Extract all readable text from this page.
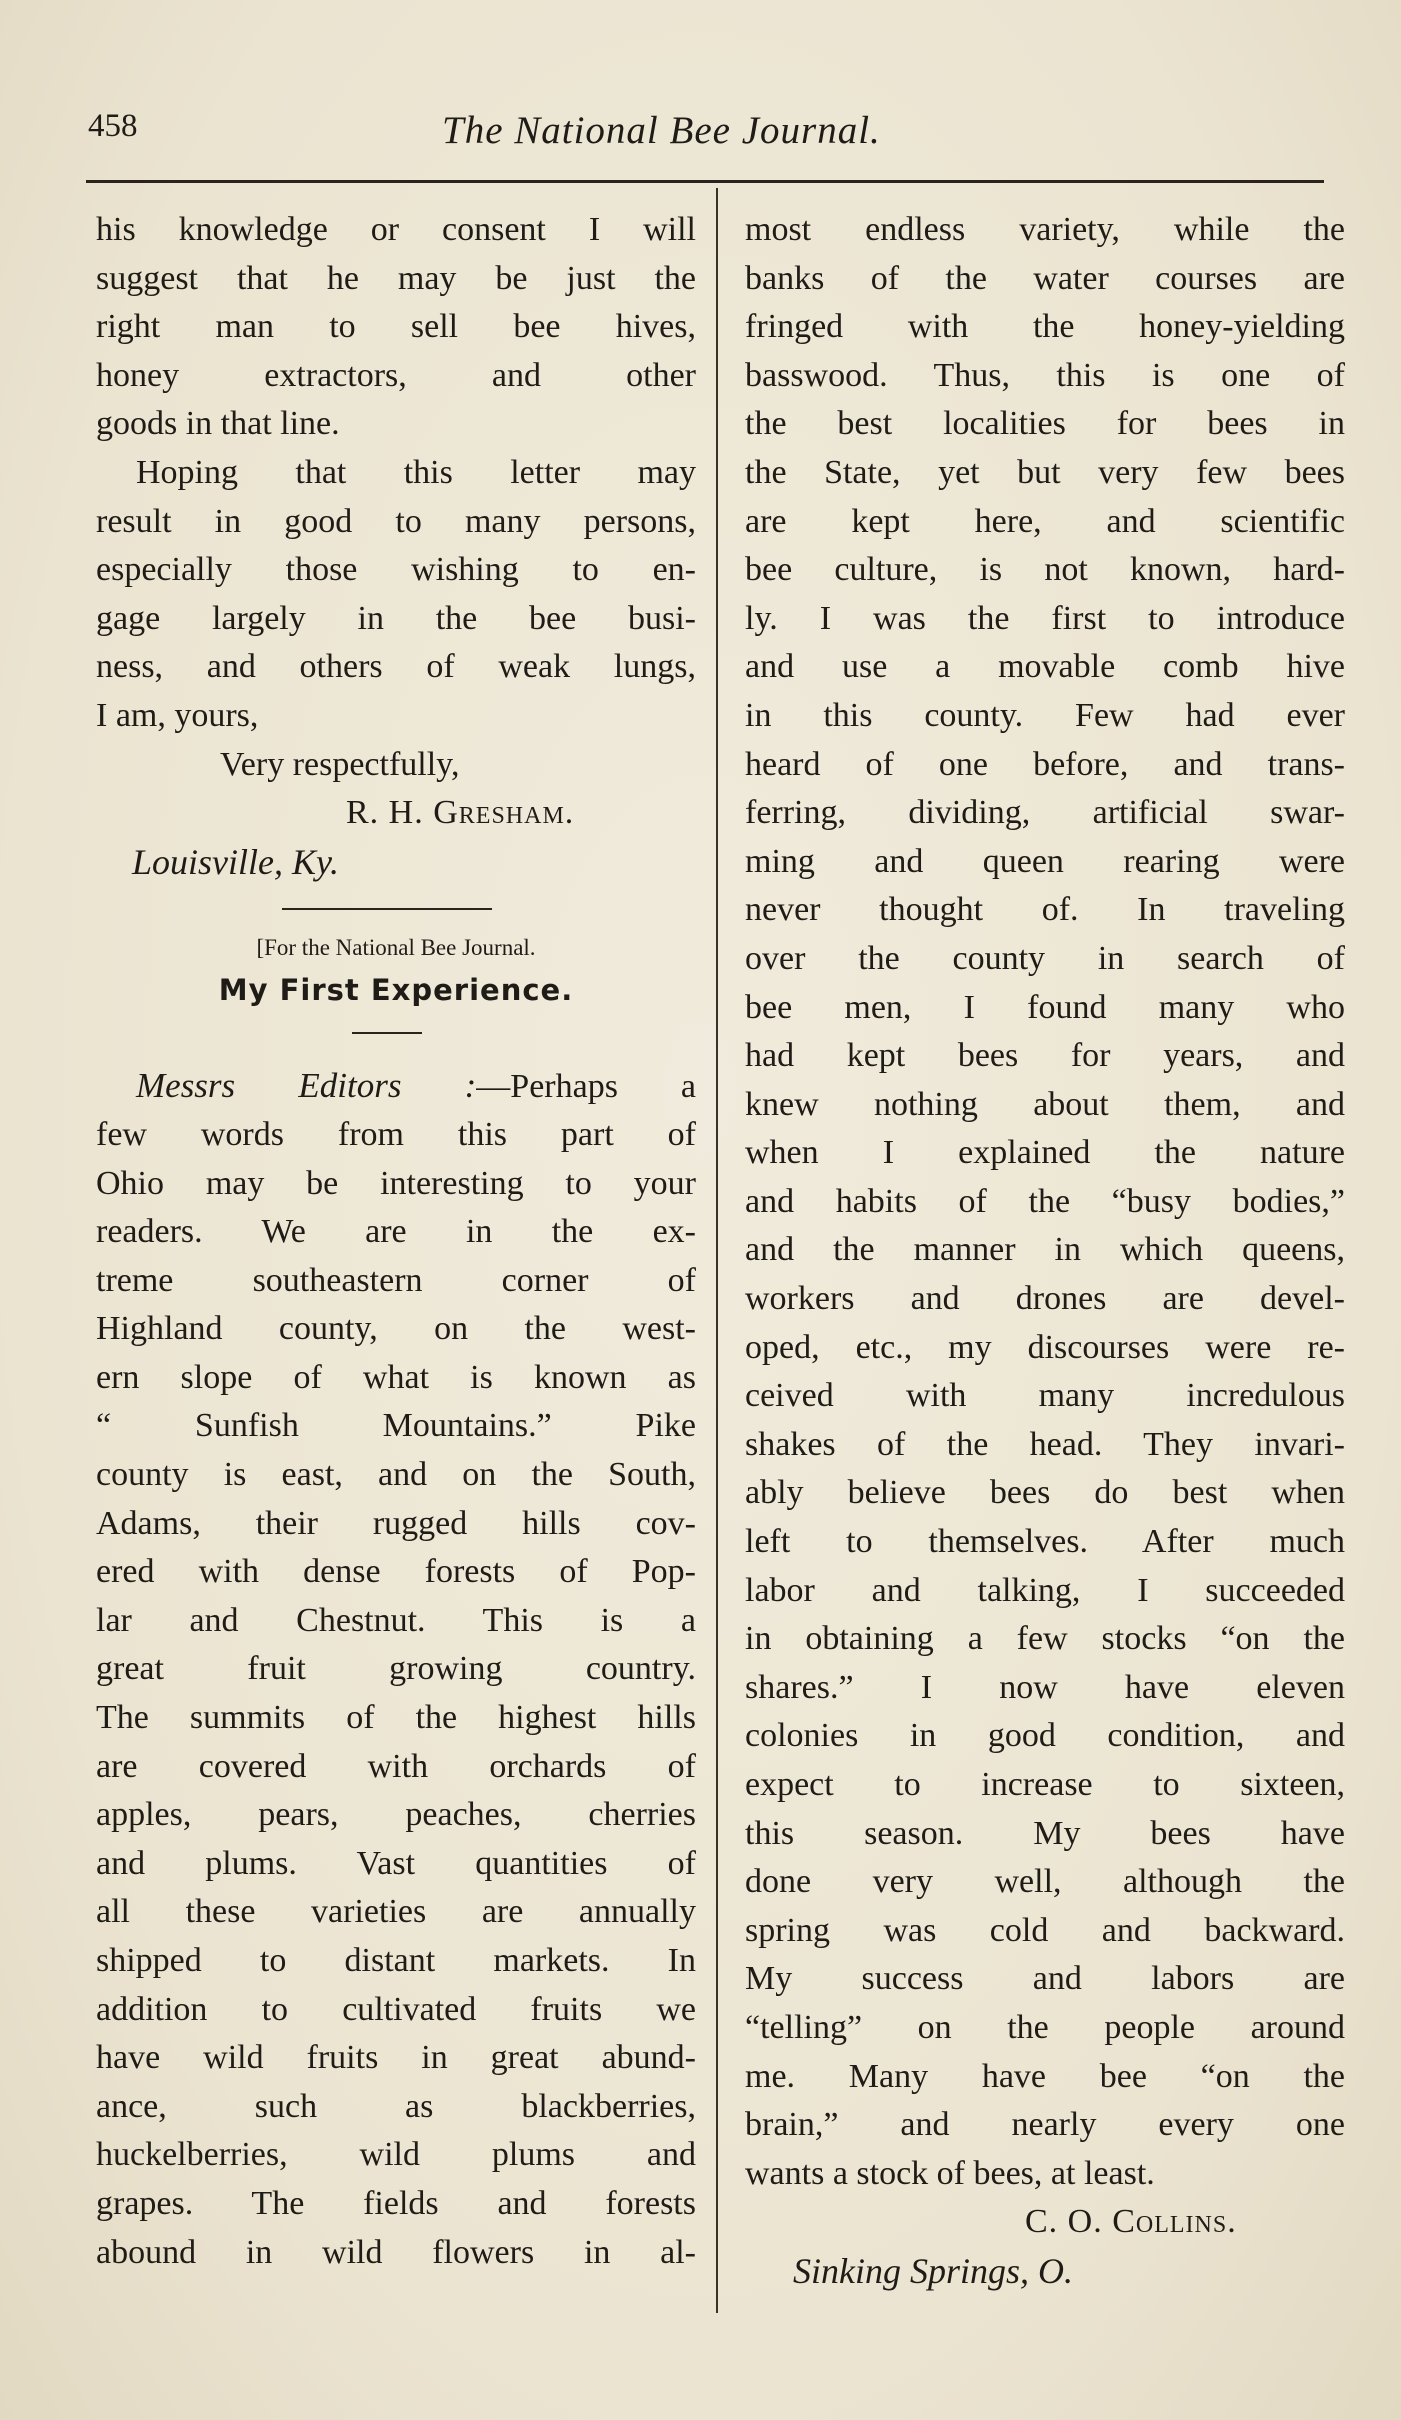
458	The National Bee Journal.
his knowledge or consent I will
suggest that he may be just the
right man to sell bee hives,
honey extractors, and other
goods in that line.
Hoping that this letter may
result in good to many persons,
especially those wishing to en-
gage largely in the bee busi-
ness, and others of weak lungs,
I am, yours,
Very respectfully,
R. H. Gresham.
Louisville, Ky.
[For the National Bee Journal.
My First Experience.
Messrs Editors :—Perhaps a
few words from this part of
Ohio may be interesting to your
readers. We are in the ex-
treme southeastern corner of
Highland county, on the west-
ern slope of what is known as
“ Sunfish Mountains.” Pike
county is east, and on the South,
Adams, their rugged hills cov-
ered with dense forests of Pop-
lar and Chestnut. This is a
great fruit growing country.
The summits of the highest hills
are covered with orchards of
apples, pears, peaches, cherries
and plums. Vast quantities of
all these varieties are annually
shipped to distant markets. In
addition to cultivated fruits we
have wild fruits in great abund-
ance, such as blackberries,
huckelberries, wild plums and
grapes. The fields and forests
abound in wild flowers in al-
most endless variety, while the
banks of the water courses are
fringed with the honey-yielding
basswood. Thus, this is one of
the best localities for bees in
the State, yet but very few bees
are kept here, and scientific
bee culture, is not known, hard-
ly. I was the first to introduce
and use a movable comb hive
in this county. Few had ever
heard of one before, and trans-
ferring, dividing, artificial swar-
ming and queen rearing were
never thought of. In traveling
over the county in search of
bee men, I found many who
had kept bees for years, and
knew nothing about them, and
when I explained the nature
and habits of the “busy bodies,”
and the manner in which queens,
workers and drones are devel-
oped, etc., my discourses were re-
ceived with many incredulous
shakes of the head. They invari-
ably believe bees do best when
left to themselves. After much
labor and talking, I succeeded
in obtaining a few stocks “on the
shares.” I now have eleven
colonies in good condition, and
expect to increase to sixteen,
this season. My bees have
done very well, although the
spring was cold and backward.
My success and labors are
“telling” on the people around
me. Many have bee “on the
brain,” and nearly every one
wants a stock of bees, at least.
C. O. Collins.
Sinking Springs, O.
